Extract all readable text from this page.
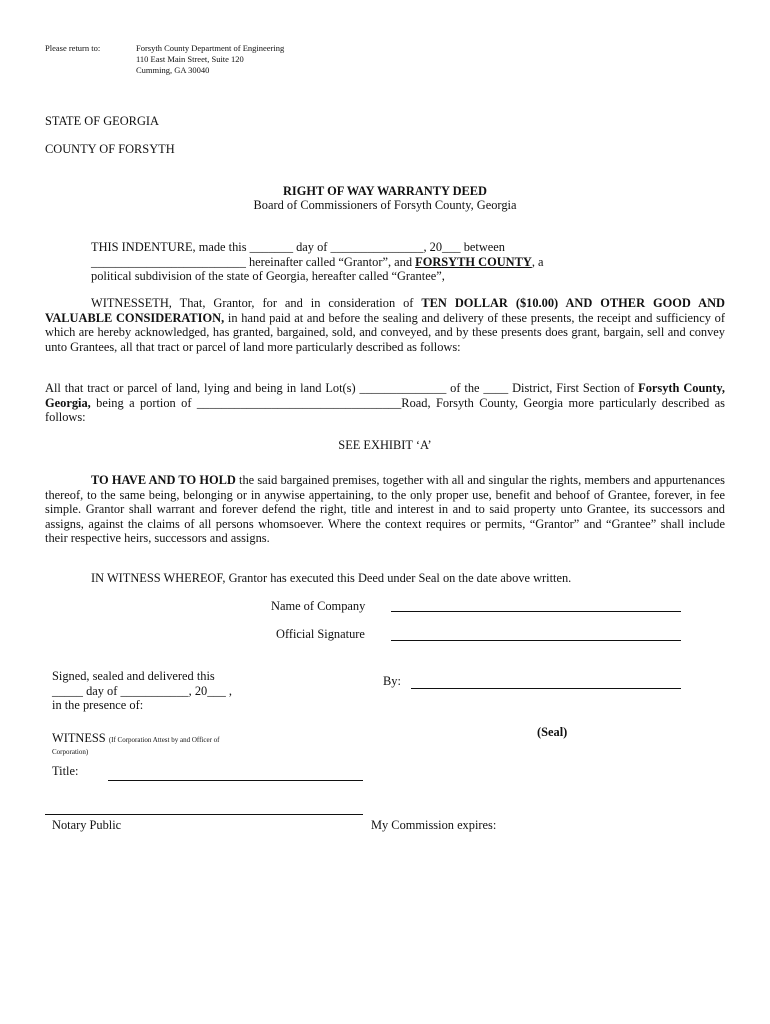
Please return to:	Forsyth County Department of Engineering
110 East Main Street, Suite 120
Cumming, GA 30040
STATE OF GEORGIA
COUNTY OF FORSYTH
RIGHT OF WAY WARRANTY DEED
Board of Commissioners of Forsyth County, Georgia
THIS INDENTURE, made this _______ day of _______________, 20___ between
_________________________ hereinafter called “Grantor”, and FORSYTH COUNTY, a
political subdivision of the state of Georgia, hereafter called “Grantee”,
WITNESSETH, That, Grantor, for and in consideration of TEN DOLLAR ($10.00) AND OTHER GOOD AND VALUABLE CONSIDERATION, in hand paid at and before the sealing and delivery of these presents, the receipt and sufficiency of which are hereby acknowledged, has granted, bargained, sold, and conveyed, and by these presents does grant, bargain, sell and convey unto Grantees, all that tract or parcel of land more particularly described as follows:
All that tract or parcel of land, lying and being in land Lot(s) ______________ of the ____ District, First Section of Forsyth County, Georgia, being a portion of _________________________________Road, Forsyth County, Georgia more particularly described as follows:
SEE EXHIBIT ‘A’
TO HAVE AND TO HOLD the said bargained premises, together with all and singular the rights, members and appurtenances thereof, to the same being, belonging or in anywise appertaining, to the only proper use, benefit and behoof of Grantee, forever, in fee simple. Grantor shall warrant and forever defend the right, title and interest in and to said property unto Grantee, its successors and assigns, against the claims of all persons whomsoever. Where the context requires or permits, “Grantor” and “Grantee” shall include their respective heirs, successors and assigns.
IN WITNESS WHEREOF, Grantor has executed this Deed under Seal on the date above written.
Name of Company
Official Signature
Signed, sealed and delivered this
_____ day of ___________, 20___ ,
in the presence of:
By:
WITNESS (If Corporation Attest by and Officer of
Corporation)
(Seal)
Title:
Notary Public	My Commission expires:
